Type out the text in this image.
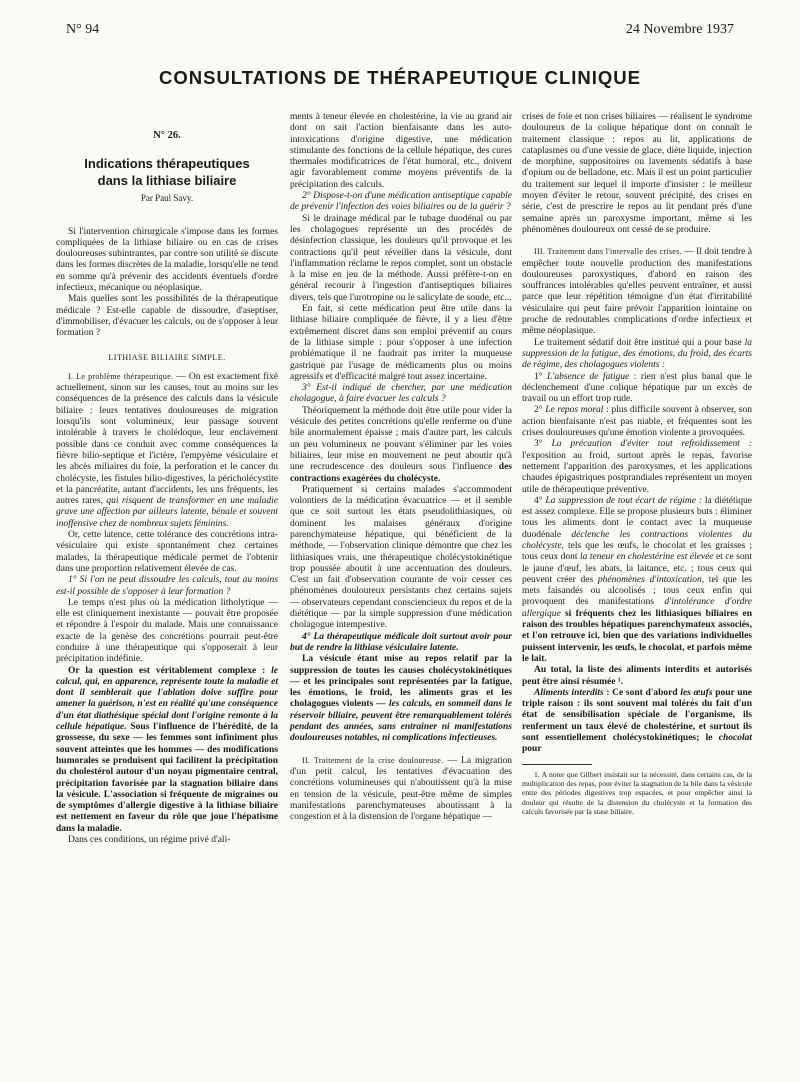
N° 94	24 Novembre 1937
CONSULTATIONS DE THÉRAPEUTIQUE CLINIQUE
N° 26.
Indications thérapeutiques
dans la lithiase biliaire
Par Paul Savy.

Si l'intervention chirurgicale s'impose dans les formes compliquées de la lithiase biliaire ou en cas de crises douloureuses subintrantes, par contre son utilité se discute dans les formes discrètes de la maladie, lorsqu'elle ne tend en somme qu'à prévenir des accidents éventuels d'ordre infectieux, mécanique ou néoplasique.

Mais quelles sont les possibilités de la thérapeutique médicale ? Est-elle capable de dissoudre, d'aseptiser, d'immobiliser, d'évacuer les calculs, ou de s'opposer à leur formation ?

LITHIASE BILIAIRE SIMPLE.

I. Le problème thérapeutique. — On est exactement fixé actuellement, sinon sur les causes, tout au moins sur les conséquences de la présence des calculs dans la vésicule biliaire : leurs tentatives douloureuses de migration lorsqu'ils sont volumineux, leur passage souvent intolérable à travers le cholédoque, leur enclavement possible dans ce conduit avec comme conséquences la fièvre bilio-septique et l'ictère, l'empyème vésiculaire et les abcès miliaires du foie, la perforation et le cancer du cholécyste, les fistules bilio-digestives, la péricholécystite et la pancréatite, autant d'accidents, les uns fréquents, les autres rares, qui risquent de transformer en une maladie grave une affection par ailleurs latente, bénale et souvent inoffensive chez de nombreux sujets féminins.

Or, cette latence, cette tolérance des concrétions intra-vésiculaire qui existe spontanément chez certaines malades, la thérapeutique médicale permet de l'obtenir dans une proportion relativement élevée de cas.

1° Si l'on ne peut dissoudre les calculs, tout au moins est-il possible de s'opposer à leur formation ?

Le temps n'est plus où la médication litholytique — elle est cliniquement inexistante — pouvait être proposée et répondre à l'espoir du malade. Mais une connaissance exacte de la genèse des concrétions pourrait peut-être conduire à une thérapeutique qui s'opposerait à leur précipitation indéfinie.

Or la question est véritablement complexe : le calcul, qui, en apparence, représente toute la maladie et dont il semblerait que l'ablation doive suffire pour amener la guérison, n'est en réalité qu'une conséquence d'un état diathésique spécial dont l'origine remonte à la cellule hépatique. Sous l'influence de l'hérédité, de la grossesse, du sexe — les femmes sont infiniment plus souvent atteintes que les hommes — des modifications humorales se produisent qui facilitent la précipitation du cholestérol autour d'un noyau pigmentaire central, précipitation favorisée par la stagnation biliaire dans la vésicule. L'association si fréquente de migraines ou de symptômes d'allergie digestive à la lithiase biliaire est nettement en faveur du rôle que joue l'hépatisme dans la maladie.

Dans ces conditions, un régime privé d'ali-

ments à teneur élevée en cholestérine, la vie au grand air dont on sait l'action bienfaisante dans les auto-intoxications d'origine digestive, une médication stimulante des fonctions de la cellule hépatique, des cures thermales modificatrices de l'état humoral, etc., doivent agir favorablement comme moyens préventifs de la précipitation des calculs.

2° Dispose-t-on d'une médication antiseptique capable de prévenir l'infection des voies biliaires ou de la guérir ?

Si le drainage médical par le tubage duodénal ou par les cholagogues représente un des procédés de désinfection classique, les douleurs qu'il provoque et les contractions qu'il peut réveiller dans la vésicule, dont l'inflammation réclame le repos complet, sont un obstacle à la mise en jeu de la méthode. Aussi préfère-t-on en général recourir à l'ingestion d'antiseptiques biliaires divers, tels que l'urotropine ou le salicylate de soude, etc...

En fait, si cette médication peut être utile dans la lithiase biliaire compliquée de fièvre, il y a lieu d'être extrêmement discret dans son emploi préventif au cours de la lithiase simple : pour s'opposer à une infection problématique il ne faudrait pas irriter la muqueuse gastrique par l'usage de médicaments plus ou moins agressifs et d'efficacité malgré tout assez incertaine.

3° Est-il indiqué de chercher, par une médication cholagogue, à faire évacuer les calculs ?

Théoriquement la méthode doit être utile pour vider la vésicule des petites concrétions qu'elle renferme ou d'une bile anormalement épaisse ; mais d'autre part, les calculs un peu volumineux ne pouvant s'éliminer par les voies biliaires, leur mise en mouvement ne peut aboutir qu'à une recrudescence des douleurs sous l'influence des contractions exagérées du cholécyste.

Pratiquement si certains malades s'accommodent volontiers de la médication évacuatrice — et il semble que ce soit surtout les états pseudolithiasiques, où dominent les malaises généraux d'origine parenchymateuse hépatique, qui bénéficient de la méthode, — l'observation clinique démontre que chez les lithiasiques vrais, une thérapeutique cholécystokinétique trop poussée aboutit à une accentuation des douleurs. C'est un fait d'observation courante de voir cesser ces phénomènes douloureux persistants chez certains sujets — observateurs cependant consciencieux du repos et de la diététique — par la simple suppression d'une médication cholagogue intempestive.

4° La thérapeutique médicale doit surtout avoir pour but de rendre la lithiase vésiculaire latente.

La vésicule étant mise au repos relatif par la suppression de toutes les causes cholécystokinétiques — et les principales sont représentées par la fatigue, les émotions, le froid, les aliments gras et les cholagogues violents — les calculs, en sommeil dans le réservoir biliaire, peuvent être remarquablement tolérés pendant des années, sans entraîner ni manifestations douloureuses notables, ni complications infectieuses.

II. Traitement de la crise douloureuse. — La migration d'un petit calcul, les tentatives d'évacuation des concrétions volumineuses qui n'aboutissent qu'à la mise en tension de la vésicule, peut-être même de simples manifestations parenchymateuses aboutissant à la congestion et à la distension de l'organe hépatique —

crises de foie et non crises biliaires — réalisent le syndrome douloureux de la colique hépatique dont on connaît le traitement classique : repos au lit, applications de cataplasmes ou d'une vessie de glace, diète liquide, injection de morphine, suppositoires ou lavements sédatifs à base d'opium ou de belladone, etc. Mais il est un point particulier du traitement sur lequel il importe d'insister : le meilleur moyen d'éviter le retour, souvent précipité, des crises en série, c'est de prescrire le repos au lit pendant près d'une semaine après un paroxysme important, même si les phénomènes douloureux ont cessé de se produire.

III. Traitement dans l'intervalle des crises. — Il doit tendre à empêcher toute nouvelle production des manifestations douloureuses paroxystiques, d'abord en raison des souffrances intolérables qu'elles peuvent entraîner, et aussi parce que leur répétition témoigne d'un état d'irritabilité vésiculaire qui peut faire prévoir l'apparition lointaine ou proche de redoutables complications d'ordre infectieux et même néoplasique.

Le traitement sédatif doit être institué qui a pour base la suppression de la fatigue, des émotions, du froid, des écarts de régime, des cholagogues violents :

1° L'absence de fatigue : rien n'est plus banal que le déclenchement d'une colique hépatique par un excès de travail ou un effort trop rude.

2° Le repos moral : plus difficile souvent à observer, son action bienfaisante n'est pas niable, et fréquentes sont les crises douloureuses qu'une émotion violente a provoquées.

3° La précaution d'éviter tout refroidissement : l'exposition au froid, surtout après le repas, favorise nettement l'apparition des paroxysmes, et les applications chaudes épigastriques postprandiales représentent un moyen utile de thérapeutique préventive.

4° La suppression de tout écart de régime : la diététique est assez complexe. Elle se propose plusieurs buts : éliminer tous les aliments dont le contact avec la muqueuse duodénale déclenche les contractions violentes du cholécyste, tels que les œufs, le chocolat et les graisses ; tous ceux dont la teneur en cholestérine est élevée et ce sont le jaune d'œuf, les abats, la laitance, etc. ; tous ceux qui peuvent créer des phénomènes d'intoxication, tel que les mets faisandés ou alcoolisés ; tous ceux enfin qui provoquent des manifestations d'intolérance d'ordre allergique si fréquents chez les lithiasiques biliaires en raison des troubles hépatiques parenchymateux associés, et l'on retrouve ici, bien que des variations individuelles puissent intervenir, les œufs, le chocolat, et parfois même le lait.

Au total, la liste des aliments interdits et autorisés peut être ainsi résumée ¹.

Aliments interdits : Ce sont d'abord les œufs pour une triple raison : ils sont souvent mal tolérés du fait d'un état de sensibilisation spéciale de l'organisme, ils renferment un taux élevé de cholestérine, et surtout ils sont essentiellement cholécystokinétiques; le chocolat pour

1. A noter que Gilbert insistait sur la nécessité, dans certains cas, de la multiplication des repas, pour éviter la stagnation de la bile dans la vésicule entre des périodes digestives trop espacées, et pour empêcher ainsi la douleur qui résulte de la distension du cholécyste et la formation des calculs favorisée par la stase biliaire.
